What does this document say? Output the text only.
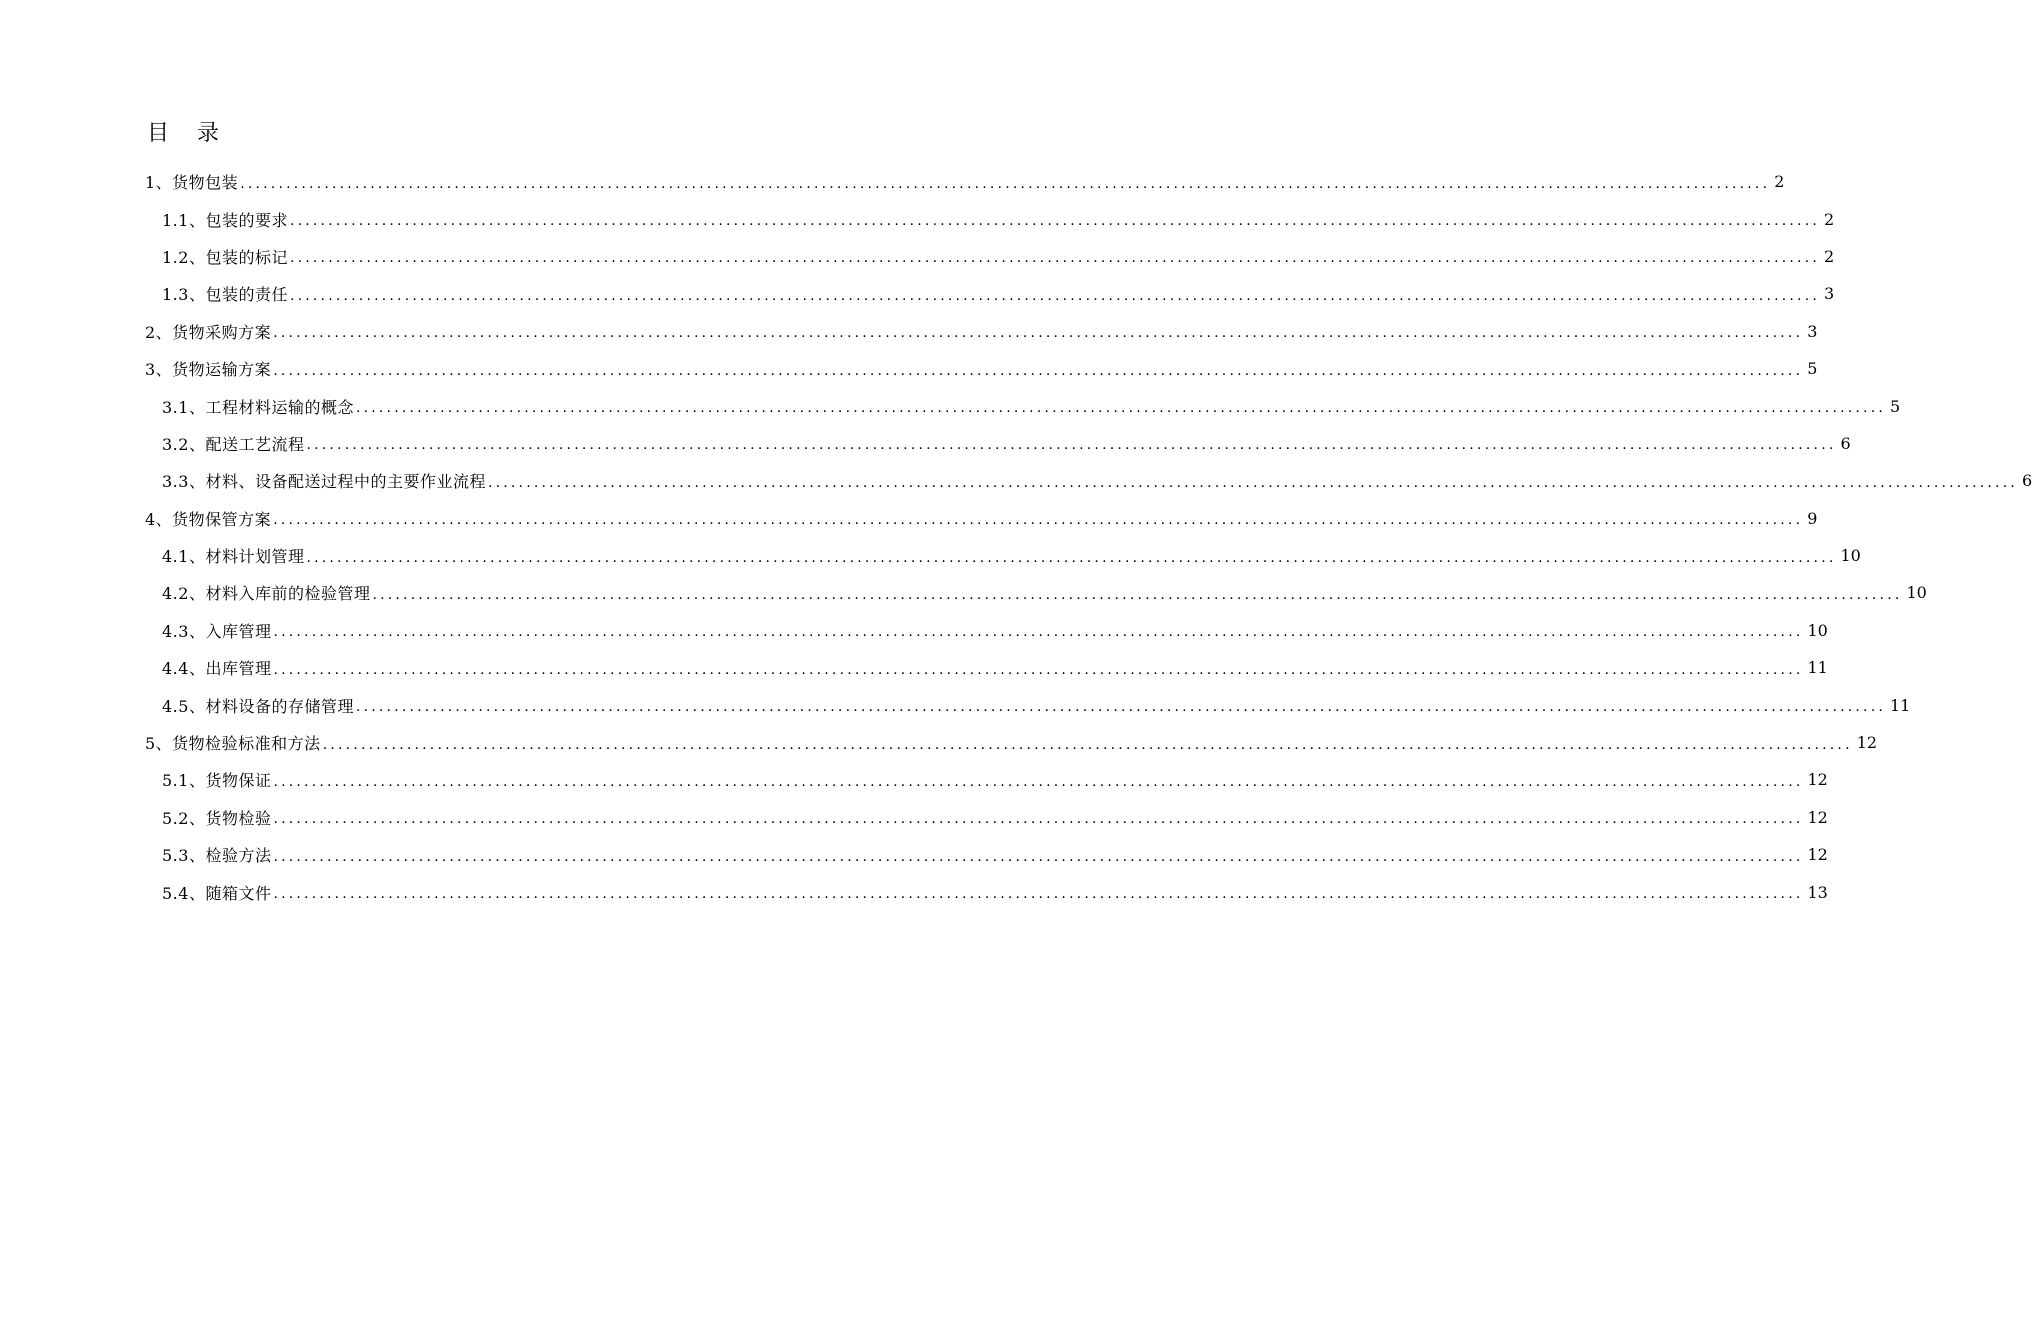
目    录
1、货物包装 ........................................................................................................................................................................................................ 2
1.1、包装的要求 ........................................................................................................................................................................................................ 2
1.2、包装的标记 ........................................................................................................................................................................................................ 2
1.3、包装的责任 ........................................................................................................................................................................................................ 3
2、货物采购方案 ........................................................................................................................................................................................................ 3
3、货物运输方案 ........................................................................................................................................................................................................ 5
3.1、工程材料运输的概念 ........................................................................................................................................................................................................ 5
3.2、配送工艺流程 ........................................................................................................................................................................................................ 6
3.3、材料、设备配送过程中的主要作业流程 ........................................................................................................................................................................................................ 6
4、货物保管方案 ........................................................................................................................................................................................................ 9
4.1、材料计划管理 ........................................................................................................................................................................................................ 10
4.2、材料入库前的检验管理 ........................................................................................................................................................................................................ 10
4.3、入库管理 ........................................................................................................................................................................................................ 10
4.4、出库管理 ........................................................................................................................................................................................................ 11
4.5、材料设备的存储管理 ........................................................................................................................................................................................................ 11
5、货物检验标准和方法 ........................................................................................................................................................................................................ 12
5.1、货物保证 ........................................................................................................................................................................................................ 12
5.2、货物检验 ........................................................................................................................................................................................................ 12
5.3、检验方法 ........................................................................................................................................................................................................ 12
5.4、随箱文件 ........................................................................................................................................................................................................ 13
